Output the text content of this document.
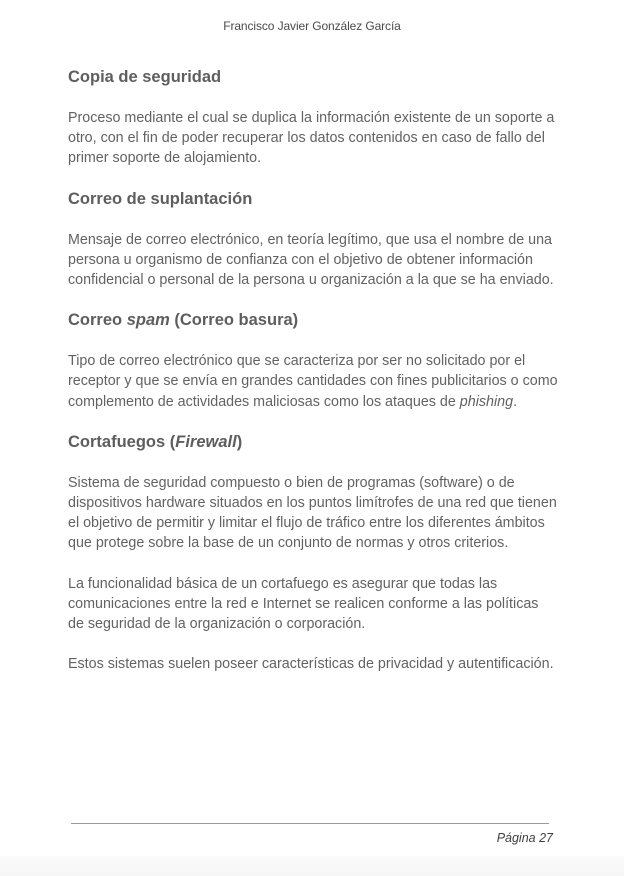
Francisco Javier González García
Copia de seguridad

Proceso mediante el cual se duplica la información existente de un soporte a otro, con el fin de poder recuperar los datos contenidos en caso de fallo del primer soporte de alojamiento.

Correo de suplantación

Mensaje de correo electrónico, en teoría legítimo, que usa el nombre de una persona u organismo de confianza con el objetivo de obtener información confidencial o personal de la persona u organización a la que se ha enviado.

Correo spam (Correo basura)

Tipo de correo electrónico que se caracteriza por ser no solicitado por el receptor y que se envía en grandes cantidades con fines publicitarios o como complemento de actividades maliciosas como los ataques de phishing.

Cortafuegos (Firewall)

Sistema de seguridad compuesto o bien de programas (software) o de dispositivos hardware situados en los puntos limítrofes de una red que tienen el objetivo de permitir y limitar el flujo de tráfico entre los diferentes ámbitos que protege sobre la base de un conjunto de normas y otros criterios.

La funcionalidad básica de un cortafuego es asegurar que todas las comunicaciones entre la red e Internet se realicen conforme a las políticas de seguridad de la organización o corporación.

Estos sistemas suelen poseer características de privacidad y autentificación.

Página 27
